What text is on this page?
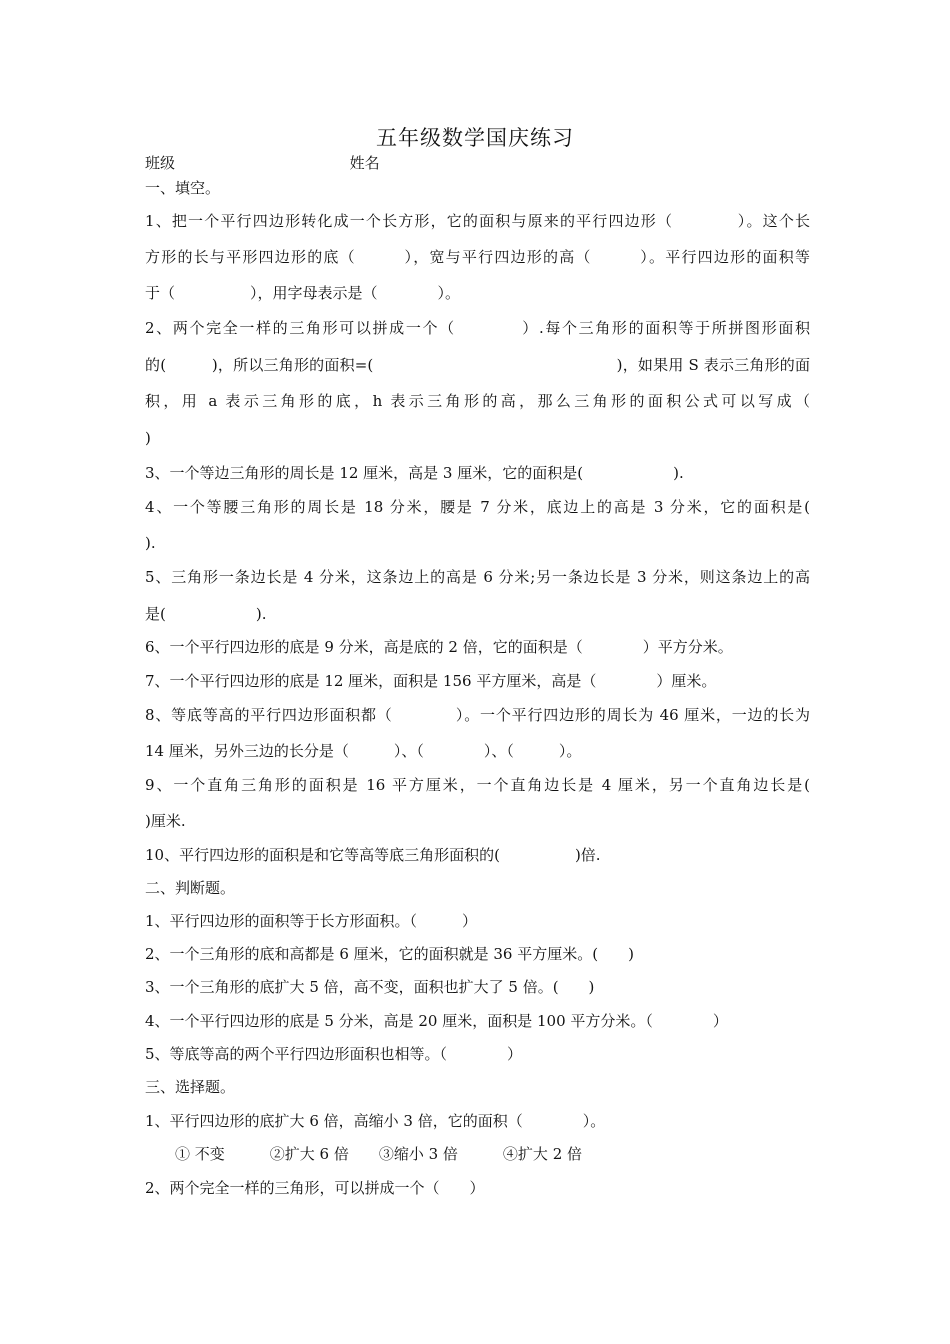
五年级数学国庆练习
班级	姓名
一、填空。
1、把一个平行四边形转化成一个长方形，它的面积与原来的平行四边形（　　　　）。这个长
方形的长与平形四边形的底（　　　），宽与平行四边形的高（　　　）。平行四边形的面积等
于（　　　　　），用字母表示是（　　　　）。
2、两个完全一样的三角形可以拼成一个（　　　　）.每个三角形的面积等于所拼图形面积
的(　　　)，所以三角形的面积=(　　　　　　　　　　　　　　　　)，如果用 S 表示三角形的面
积，用 a 表示三角形的底，h 表示三角形的高，那么三角形的面积公式可以写成（
)
3、一个等边三角形的周长是 12 厘米，高是 3 厘米，它的面积是(　　　　　　).
4、一个等腰三角形的周长是 18 分米，腰是 7 分米，底边上的高是 3 分米，它的面积是(
).
5、三角形一条边长是 4 分米，这条边上的高是 6 分米;另一条边长是 3 分米，则这条边上的高
是(　　　　　　).
6、一个平行四边形的底是 9 分米，高是底的 2 倍，它的面积是（　　　　）平方分米。
7、一个平行四边形的底是 12 厘米，面积是 156 平方厘米，高是（　　　　）厘米。
8、等底等高的平行四边形面积都（　　　　）。一个平行四边形的周长为 46 厘米，一边的长为
14 厘米，另外三边的长分是（　　　）、（　　　　）、（　　　）。
9、一个直角三角形的面积是 16 平方厘米，一个直角边长是 4 厘米，另一个直角边长是(
)厘米.
10、平行四边形的面积是和它等高等底三角形面积的(　　　　　)倍.
二、判断题。
1、平行四边形的面积等于长方形面积。（　　　）
2、一个三角形的底和高都是 6 厘米，它的面积就是 36 平方厘米。(　　)
3、一个三角形的底扩大 5 倍，高不变，面积也扩大了 5 倍。(　　)
4、一个平行四边形的底是 5 分米，高是 20 厘米，面积是 100 平方分米。（　　　　）
5、等底等高的两个平行四边形面积也相等。（　　　　）
三、选择题。
1、平行四边形的底扩大 6 倍，高缩小 3 倍，它的面积（　　　　）。
　　① 不变　　　②扩大 6 倍　　③缩小 3 倍　　　④扩大 2 倍
2、两个完全一样的三角形，可以拼成一个（　　）
